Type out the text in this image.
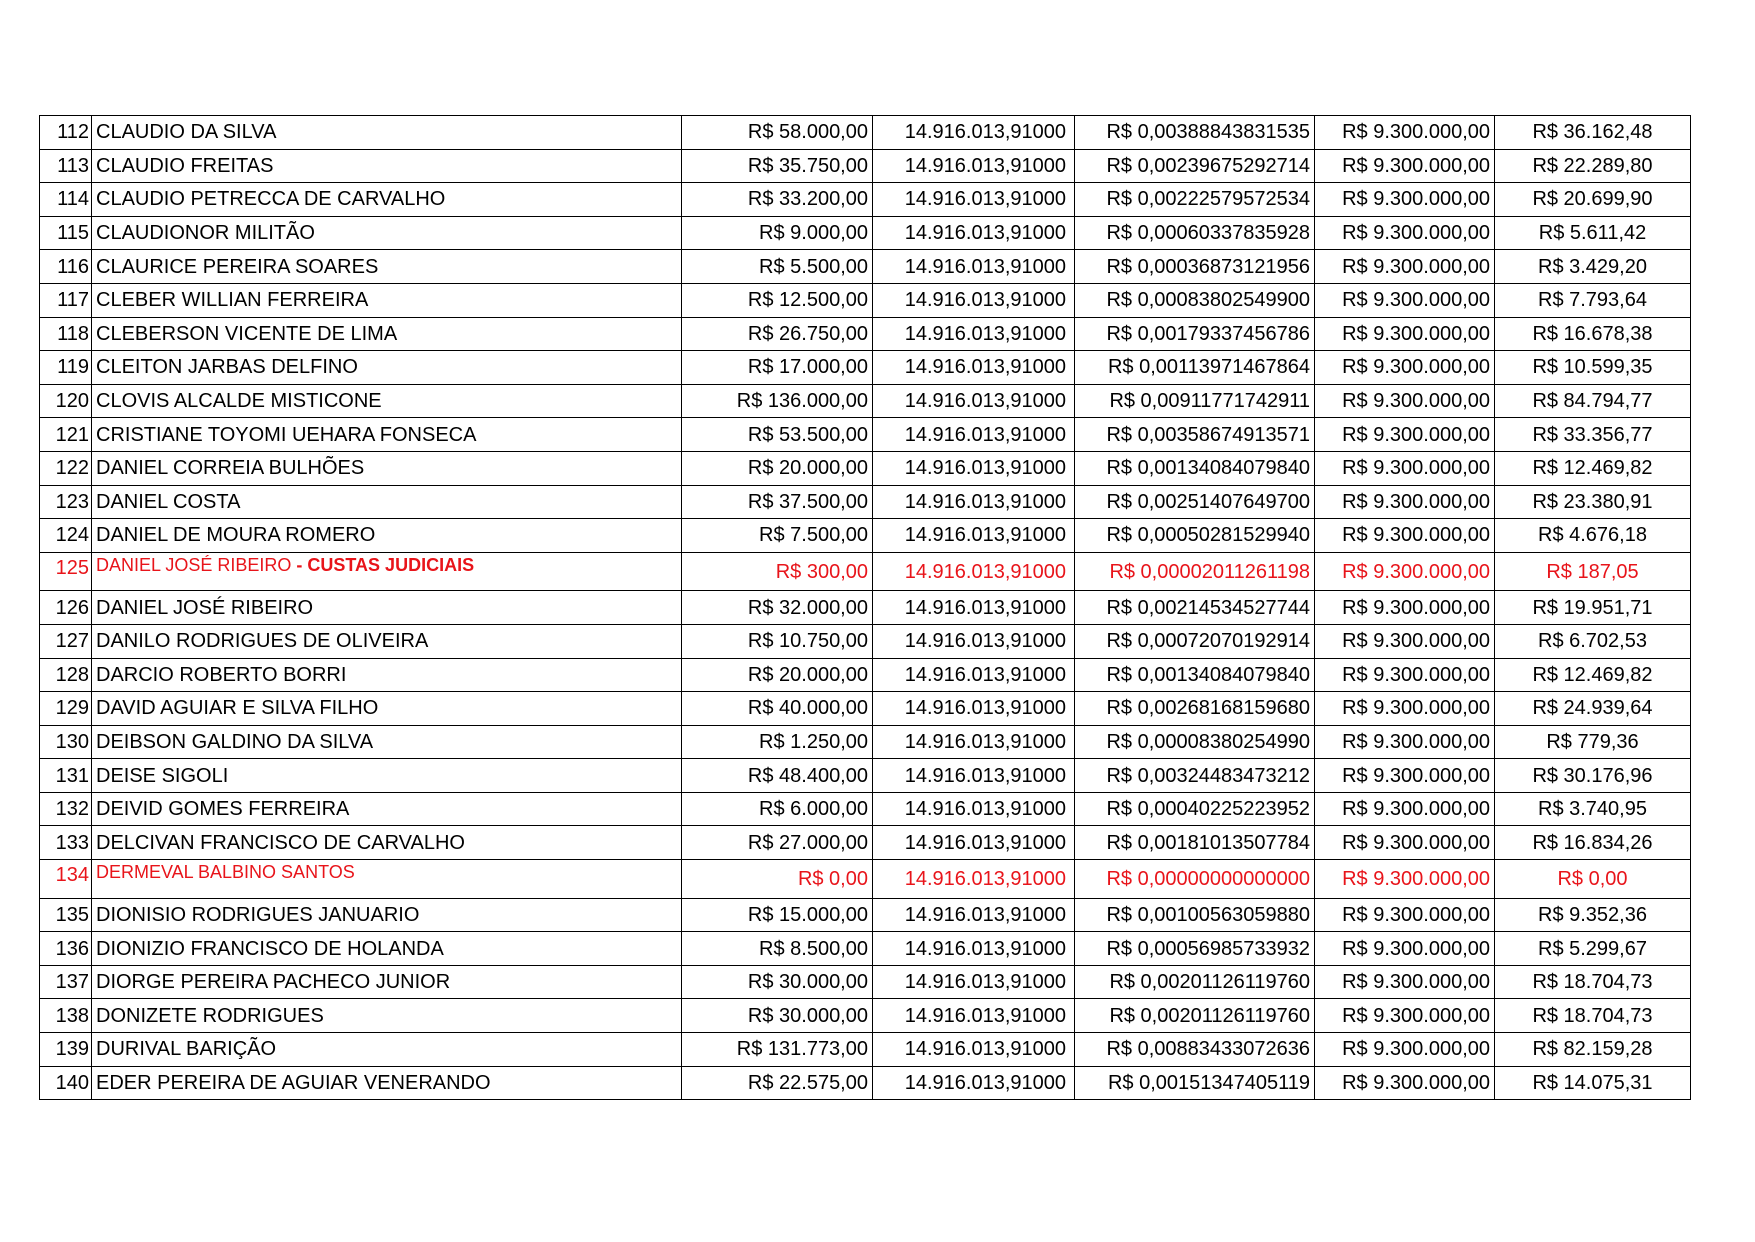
112	CLAUDIO DA SILVA	R$ 58.000,00	14.916.013,91000	R$ 0,00388843831535	R$ 9.300.000,00	R$ 36.162,48
113	CLAUDIO FREITAS	R$ 35.750,00	14.916.013,91000	R$ 0,00239675292714	R$ 9.300.000,00	R$ 22.289,80
114	CLAUDIO PETRECCA DE CARVALHO	R$ 33.200,00	14.916.013,91000	R$ 0,00222579572534	R$ 9.300.000,00	R$ 20.699,90
115	CLAUDIONOR MILITÃO	R$ 9.000,00	14.916.013,91000	R$ 0,00060337835928	R$ 9.300.000,00	R$ 5.611,42
116	CLAURICE PEREIRA SOARES	R$ 5.500,00	14.916.013,91000	R$ 0,00036873121956	R$ 9.300.000,00	R$ 3.429,20
117	CLEBER WILLIAN FERREIRA	R$ 12.500,00	14.916.013,91000	R$ 0,00083802549900	R$ 9.300.000,00	R$ 7.793,64
118	CLEBERSON VICENTE DE LIMA	R$ 26.750,00	14.916.013,91000	R$ 0,00179337456786	R$ 9.300.000,00	R$ 16.678,38
119	CLEITON JARBAS DELFINO	R$ 17.000,00	14.916.013,91000	R$ 0,00113971467864	R$ 9.300.000,00	R$ 10.599,35
120	CLOVIS ALCALDE MISTICONE	R$ 136.000,00	14.916.013,91000	R$ 0,00911771742911	R$ 9.300.000,00	R$ 84.794,77
121	CRISTIANE TOYOMI UEHARA FONSECA	R$ 53.500,00	14.916.013,91000	R$ 0,00358674913571	R$ 9.300.000,00	R$ 33.356,77
122	DANIEL CORREIA BULHÕES	R$ 20.000,00	14.916.013,91000	R$ 0,00134084079840	R$ 9.300.000,00	R$ 12.469,82
123	DANIEL COSTA	R$ 37.500,00	14.916.013,91000	R$ 0,00251407649700	R$ 9.300.000,00	R$ 23.380,91
124	DANIEL DE MOURA ROMERO	R$ 7.500,00	14.916.013,91000	R$ 0,00050281529940	R$ 9.300.000,00	R$ 4.676,18
125	DANIEL JOSÉ RIBEIRO - CUSTAS JUDICIAIS	R$ 300,00	14.916.013,91000	R$ 0,00002011261198	R$ 9.300.000,00	R$ 187,05
126	DANIEL JOSÉ RIBEIRO	R$ 32.000,00	14.916.013,91000	R$ 0,00214534527744	R$ 9.300.000,00	R$ 19.951,71
127	DANILO RODRIGUES DE OLIVEIRA	R$ 10.750,00	14.916.013,91000	R$ 0,00072070192914	R$ 9.300.000,00	R$ 6.702,53
128	DARCIO ROBERTO BORRI	R$ 20.000,00	14.916.013,91000	R$ 0,00134084079840	R$ 9.300.000,00	R$ 12.469,82
129	DAVID AGUIAR E SILVA FILHO	R$ 40.000,00	14.916.013,91000	R$ 0,00268168159680	R$ 9.300.000,00	R$ 24.939,64
130	DEIBSON GALDINO DA SILVA	R$ 1.250,00	14.916.013,91000	R$ 0,00008380254990	R$ 9.300.000,00	R$ 779,36
131	DEISE SIGOLI	R$ 48.400,00	14.916.013,91000	R$ 0,00324483473212	R$ 9.300.000,00	R$ 30.176,96
132	DEIVID GOMES FERREIRA	R$ 6.000,00	14.916.013,91000	R$ 0,00040225223952	R$ 9.300.000,00	R$ 3.740,95
133	DELCIVAN FRANCISCO DE CARVALHO	R$ 27.000,00	14.916.013,91000	R$ 0,00181013507784	R$ 9.300.000,00	R$ 16.834,26
134	DERMEVAL BALBINO SANTOS	R$ 0,00	14.916.013,91000	R$ 0,00000000000000	R$ 9.300.000,00	R$ 0,00
135	DIONISIO RODRIGUES JANUARIO	R$ 15.000,00	14.916.013,91000	R$ 0,00100563059880	R$ 9.300.000,00	R$ 9.352,36
136	DIONIZIO FRANCISCO DE HOLANDA	R$ 8.500,00	14.916.013,91000	R$ 0,00056985733932	R$ 9.300.000,00	R$ 5.299,67
137	DIORGE PEREIRA PACHECO JUNIOR	R$ 30.000,00	14.916.013,91000	R$ 0,00201126119760	R$ 9.300.000,00	R$ 18.704,73
138	DONIZETE RODRIGUES	R$ 30.000,00	14.916.013,91000	R$ 0,00201126119760	R$ 9.300.000,00	R$ 18.704,73
139	DURIVAL BARIÇÃO	R$ 131.773,00	14.916.013,91000	R$ 0,00883433072636	R$ 9.300.000,00	R$ 82.159,28
140	EDER PEREIRA DE AGUIAR VENERANDO	R$ 22.575,00	14.916.013,91000	R$ 0,00151347405119	R$ 9.300.000,00	R$ 14.075,31
